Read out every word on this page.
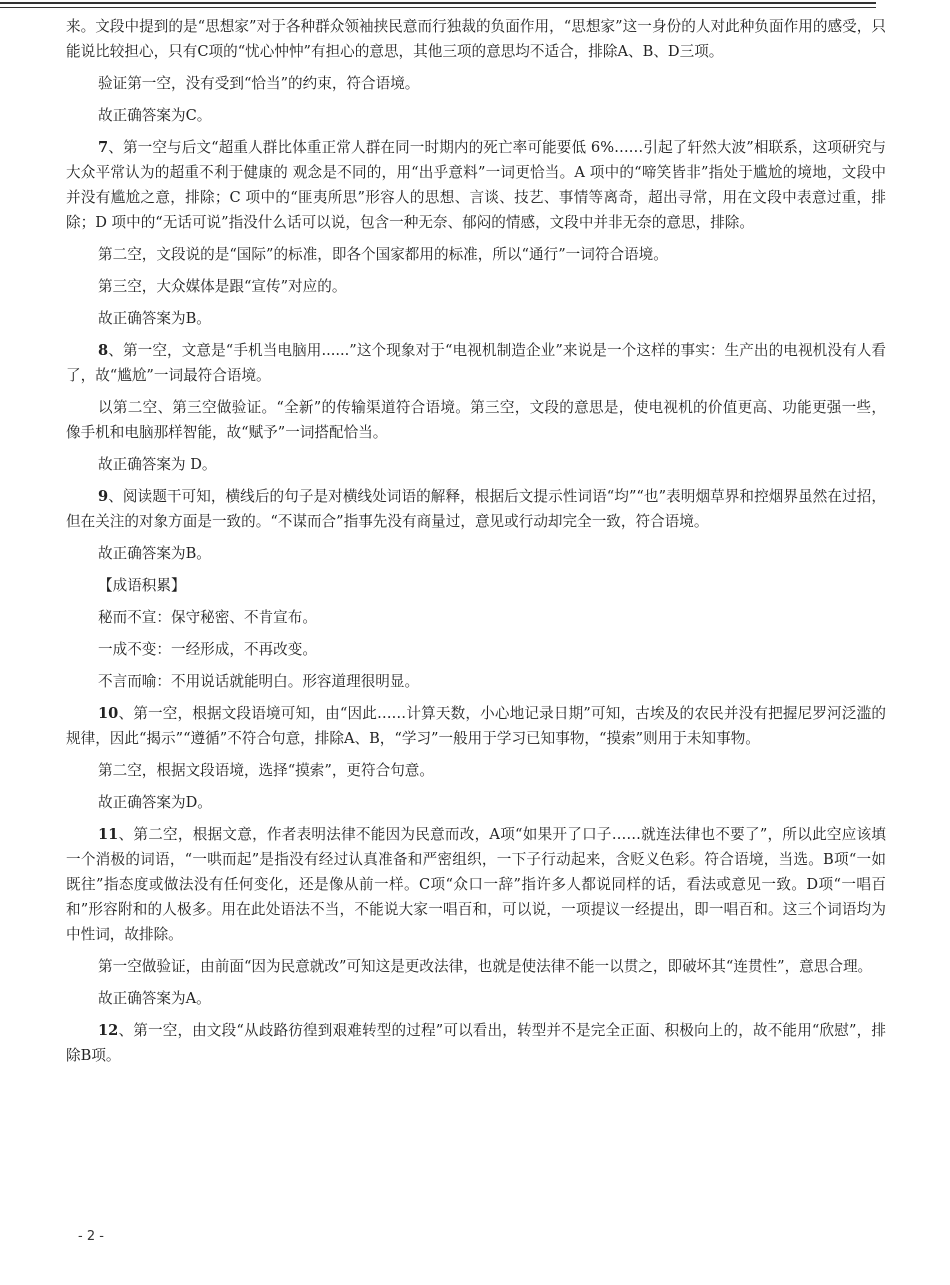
来。文段中提到的是“思想家”对于各种群众领袖挟民意而行独裁的负面作用，“思想家”这一身份的人对此种负面作用的感受，只能说比较担心，只有C项的“忧心忡忡”有担心的意思，其他三项的意思均不适合，排除A、B、D三项。

验证第一空，没有受到“恰当”的约束，符合语境。

故正确答案为C。

7、第一空与后文“超重人群比体重正常人群在同一时期内的死亡率可能要低 6%……引起了轩然大波”相联系，这项研究与大众平常认为的超重不利于健康的 观念是不同的，用“出乎意料”一词更恰当。A 项中的“啼笑皆非”指处于尴尬的境地，文段中并没有尴尬之意，排除；C 项中的“匪夷所思”形容人的思想、言谈、技艺、事情等离奇，超出寻常，用在文段中表意过重，排除；D 项中的“无话可说”指没什么话可以说，包含一种无奈、郁闷的情感，文段中并非无奈的意思，排除。

第二空，文段说的是“国际”的标准，即各个国家都用的标准，所以“通行”一词符合语境。

第三空，大众媒体是跟“宣传”对应的。

故正确答案为B。

8、第一空，文意是“手机当电脑用......”这个现象对于“电视机制造企业”来说是一个这样的事实：生产出的电视机没有人看了，故“尴尬”一词最符合语境。

以第二空、第三空做验证。“全新”的传输渠道符合语境。第三空，文段的意思是，使电视机的价值更高、功能更强一些，像手机和电脑那样智能，故“赋予”一词搭配恰当。

故正确答案为 D。

9、阅读题干可知，横线后的句子是对横线处词语的解释，根据后文提示性词语“均”“也”表明烟草界和控烟界虽然在过招，但在关注的对象方面是一致的。“不谋而合”指事先没有商量过，意见或行动却完全一致，符合语境。

故正确答案为B。

【成语积累】

秘而不宣：保守秘密、不肯宣布。

一成不变：一经形成，不再改变。

不言而喻：不用说话就能明白。形容道理很明显。

10、第一空，根据文段语境可知，由“因此……计算天数，小心地记录日期”可知，古埃及的农民并没有把握尼罗河泛滥的规律，因此“揭示”“遵循”不符合句意，排除A、B，“学习”一般用于学习已知事物，“摸索”则用于未知事物。

第二空，根据文段语境，选择“摸索”，更符合句意。

故正确答案为D。

11、第二空，根据文意，作者表明法律不能因为民意而改，A项“如果开了口子……就连法律也不要了”，所以此空应该填一个消极的词语，“一哄而起”是指没有经过认真准备和严密组织，一下子行动起来，含贬义色彩。符合语境，当选。B项“一如既往”指态度或做法没有任何变化，还是像从前一样。C项“众口一辞”指许多人都说同样的话，看法或意见一致。D项“一唱百和”形容附和的人极多。用在此处语法不当，不能说大家一唱百和，可以说，一项提议一经提出，即一唱百和。这三个词语均为中性词，故排除。

第一空做验证，由前面“因为民意就改”可知这是更改法律，也就是使法律不能一以贯之，即破坏其“连贯性”，意思合理。

故正确答案为A。

12、第一空，由文段“从歧路彷徨到艰难转型的过程”可以看出，转型并不是完全正面、积极向上的，故不能用“欣慰”，排除B项。

- 2 -
